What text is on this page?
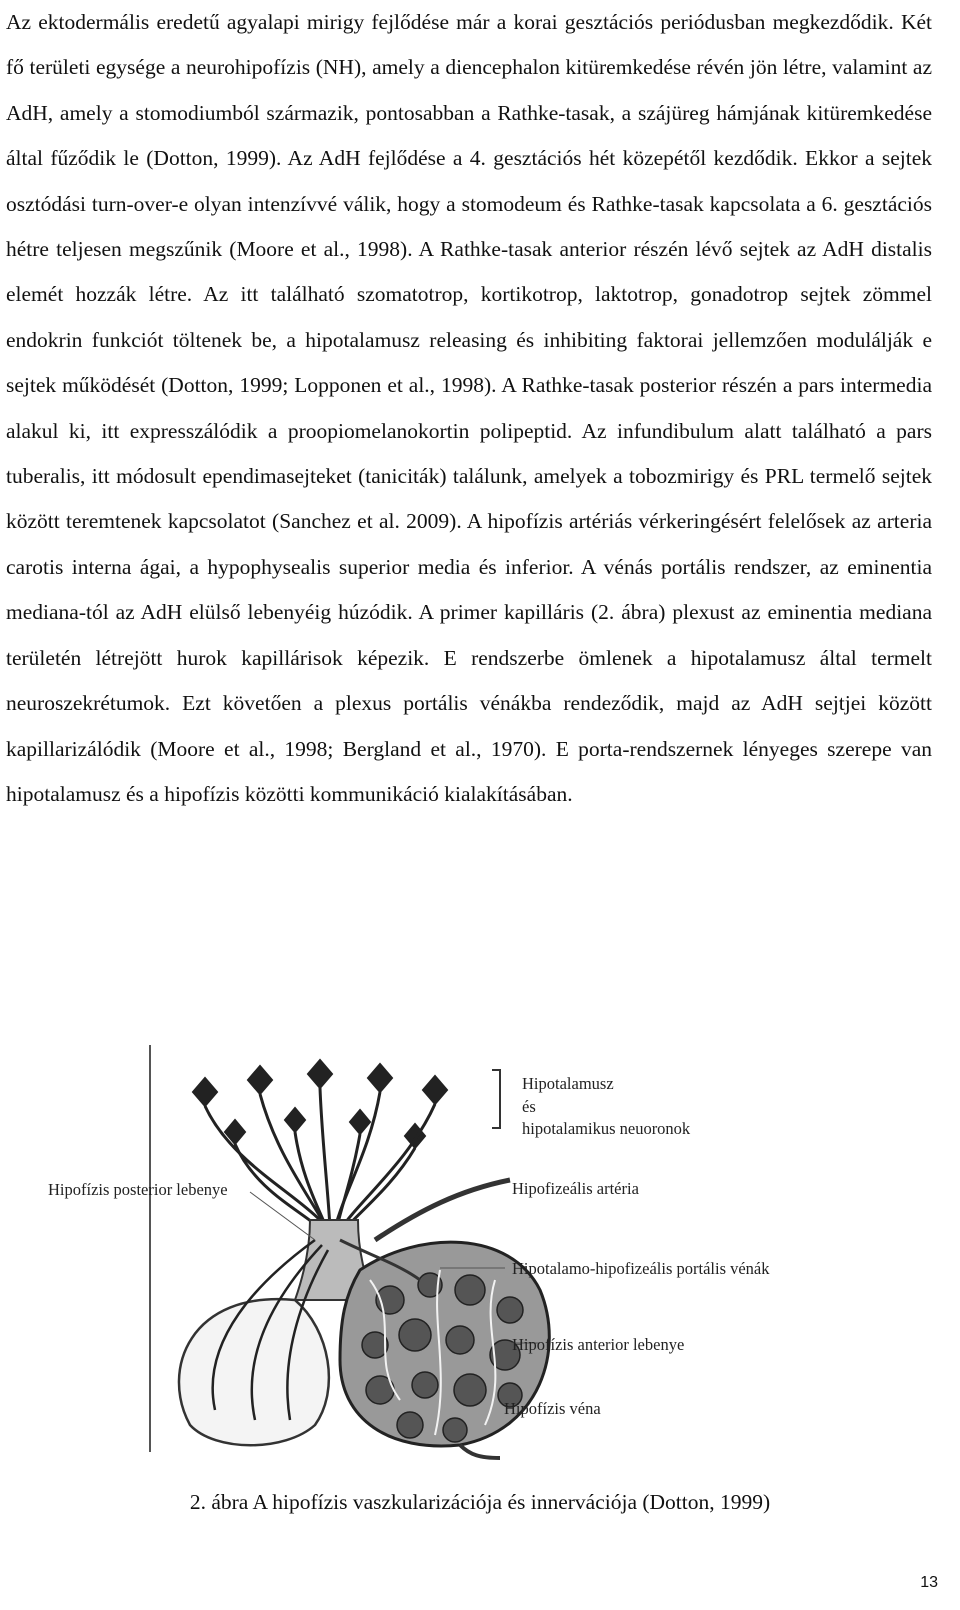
Az ektodermális eredetű agyalapi mirigy fejlődése már a korai gesztációs periódusban megkezdődik. Két fő területi egysége a neurohipofízis (NH), amely a diencephalon kitüremkedése révén jön létre, valamint az AdH, amely a stomodiumból származik, pontosabban a Rathke-tasak, a szájüreg hámjának kitüremkedése által fűződik le (Dotton, 1999). Az AdH fejlődése a 4. gesztációs hét közepétől kezdődik. Ekkor a sejtek osztódási turn-over-e olyan intenzívvé válik, hogy a stomodeum és Rathke-tasak kapcsolata a 6. gesztációs hétre teljesen megszűnik (Moore et al., 1998). A Rathke-tasak anterior részén lévő sejtek az AdH distalis elemét hozzák létre. Az itt található szomatotrop, kortikotrop, laktotrop, gonadotrop sejtek zömmel endokrin funkciót töltenek be, a hipotalamusz releasing és inhibiting faktorai jellemzően modulálják e sejtek működését (Dotton, 1999; Lopponen et al., 1998). A Rathke-tasak posterior részén a pars intermedia alakul ki, itt expresszálódik a proopiomelanokortin polipeptid. Az infundibulum alatt található a pars tuberalis, itt módosult ependimasejteket (taniciták) találunk, amelyek a tobozmirigy és PRL termelő sejtek között teremtenek kapcsolatot (Sanchez et al. 2009). A hipofízis artériás vérkeringésért felelősek az arteria carotis interna ágai, a hypophysealis superior media és inferior. A vénás portális rendszer, az eminentia mediana-tól az AdH elülső lebenyéig húzódik. A primer kapilláris (2. ábra) plexust az eminentia mediana területén létrejött hurok kapillárisok képezik. E rendszerbe ömlenek a hipotalamusz által termelt neuroszekrétumok. Ezt követően a plexus portális vénákba rendeződik, majd az AdH sejtjei között kapillarizálódik (Moore et al., 1998; Bergland et al., 1970). E porta-rendszernek lényeges szerepe van hipotalamusz és a hipofízis közötti kommunikáció kialakításában.

Hipotalamusz
és
hipotalamikus neuoronok
Hipofízis posterior lebenye	Hipofizeális artéria
Hipotalamo-hipofizeális portális vénák
Hipofízis anterior lebenye
Hipofízis véna
2. ábra A hipofízis vaszkularizációja és innervációja (Dotton, 1999)
13
